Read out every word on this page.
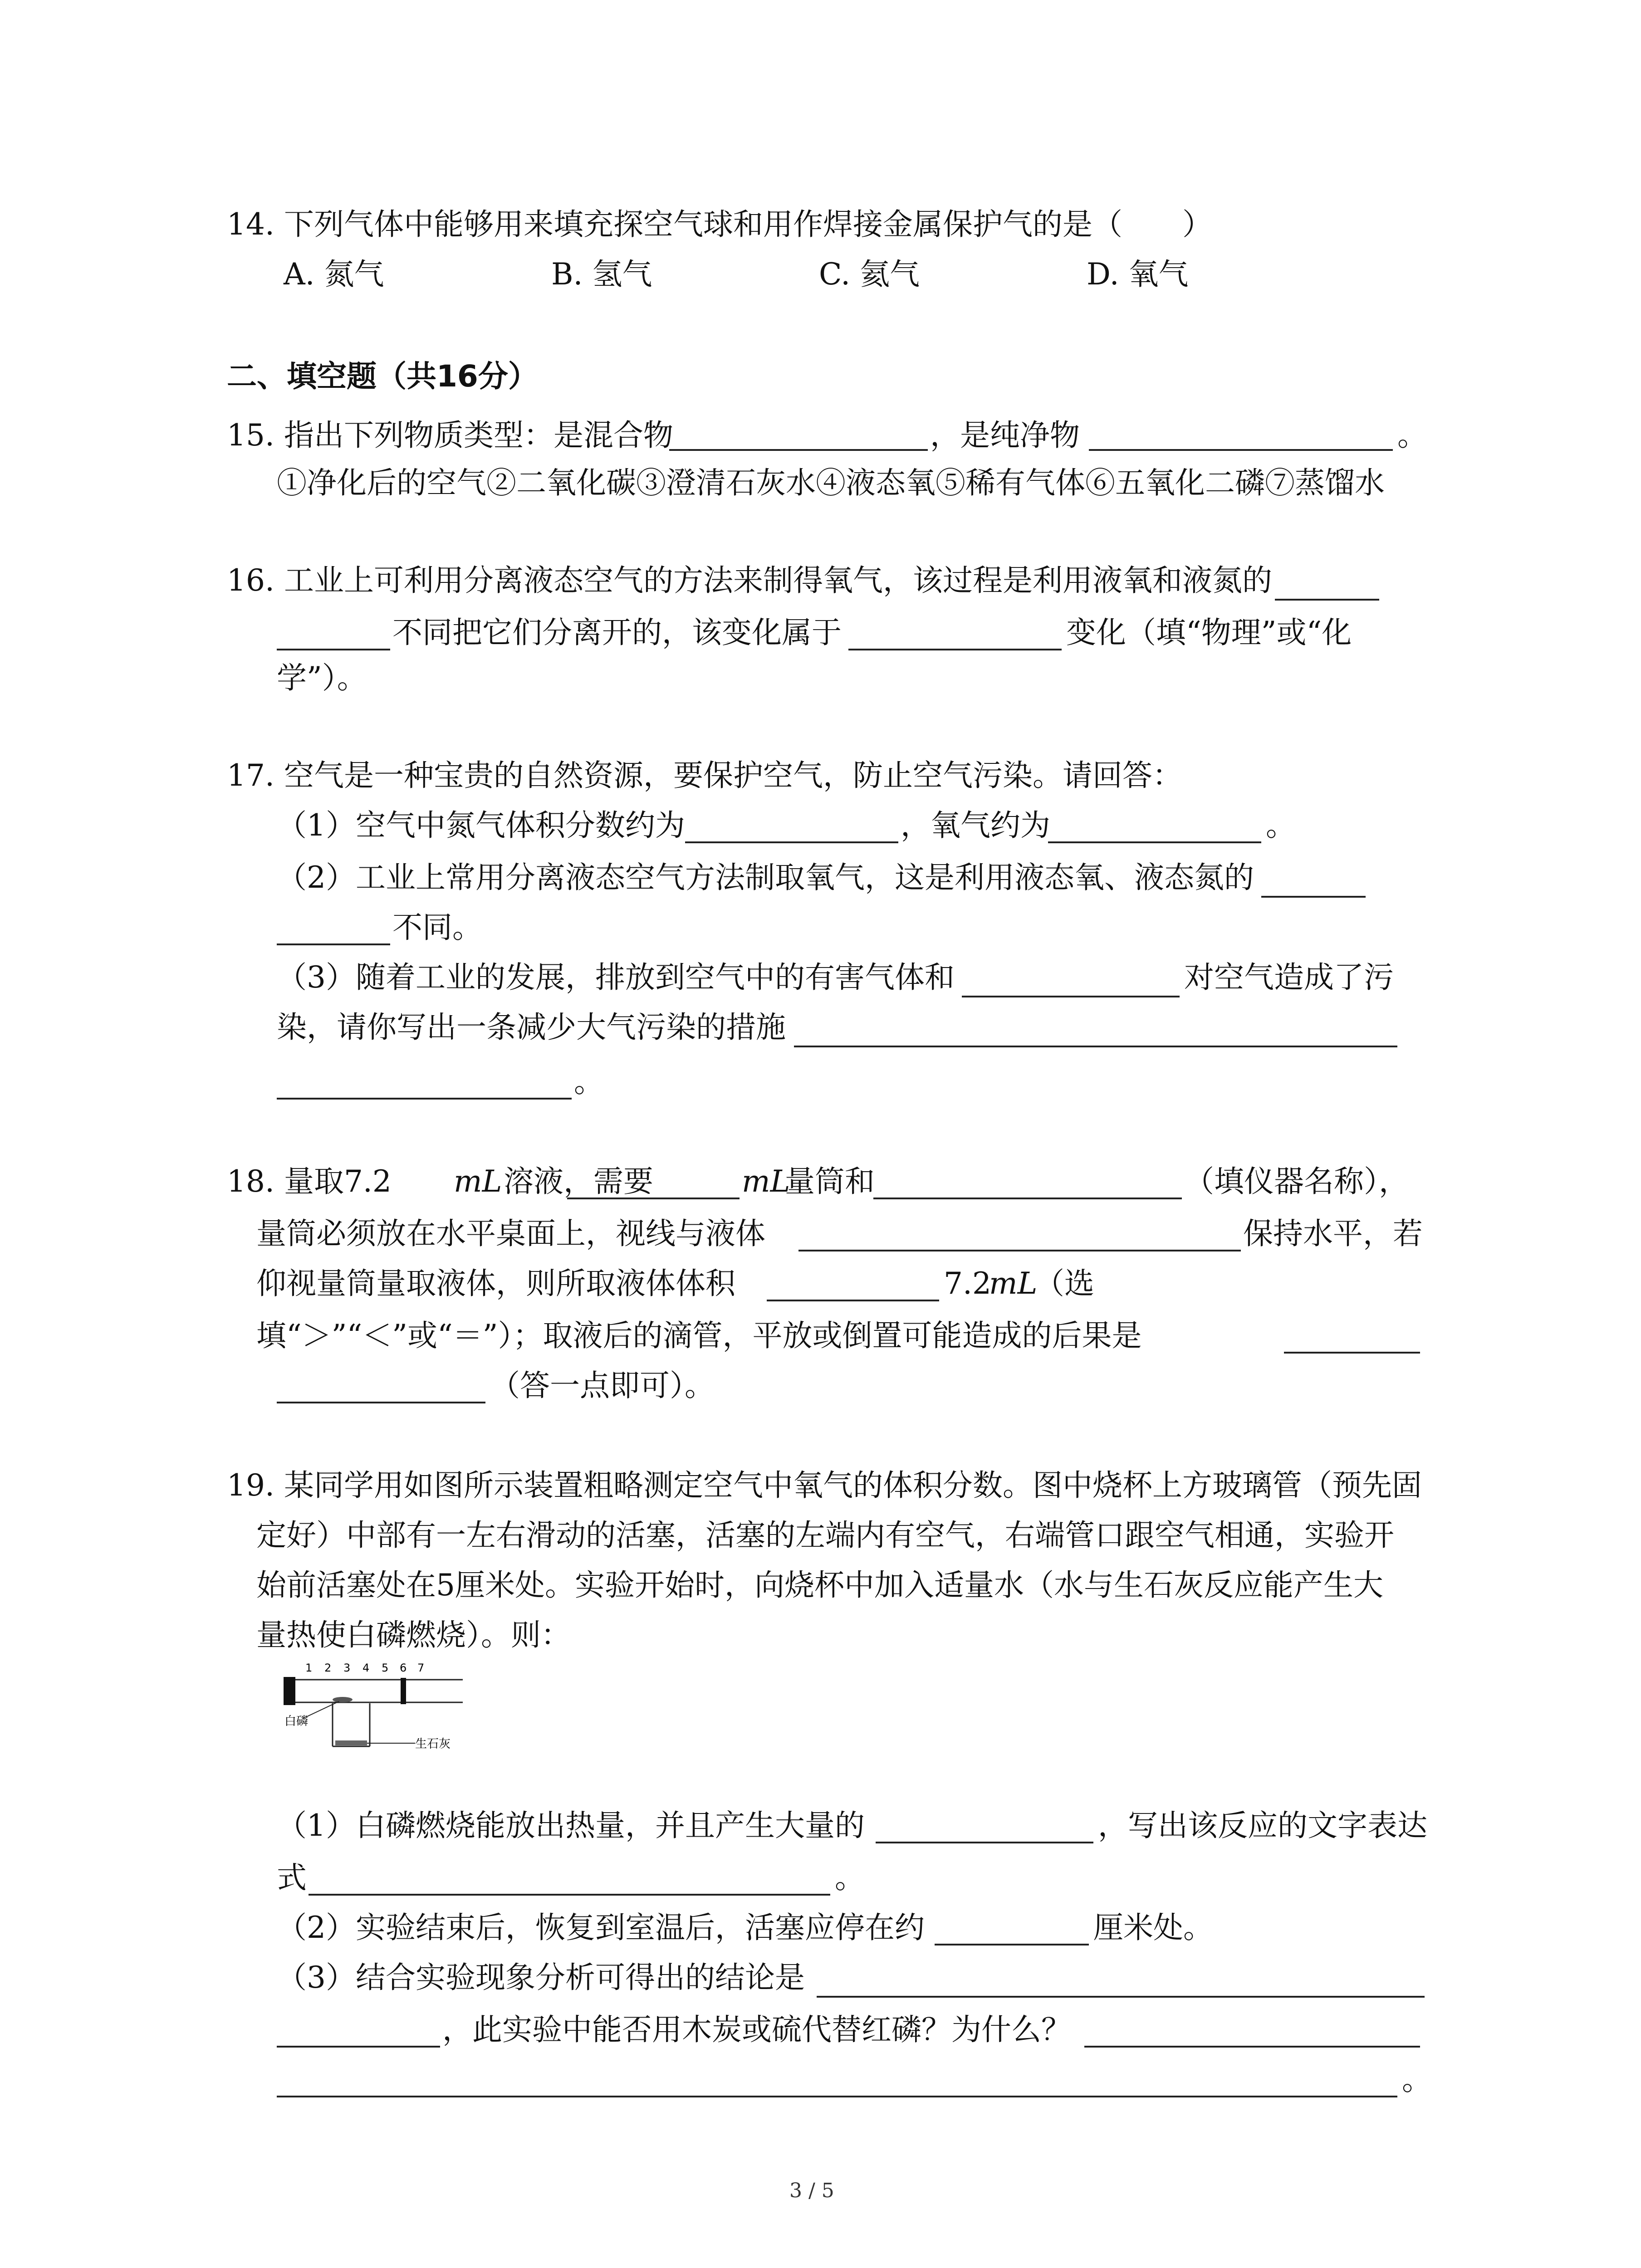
14. 下列气体中能够用来填充探空气球和用作焊接金属保护气的是（　　）
A. 氮气	B. 氢气	C. 氦气	D. 氧气
二、填空题（共16分）
15. 指出下列物质类型：是混合物	，是纯净物	。
①净化后的空气②二氧化碳③澄清石灰水④液态氧⑤稀有气体⑥五氧化二磷⑦蒸馏水
16. 工业上可利用分离液态空气的方法来制得氧气，该过程是利用液氧和液氮的
不同把它们分离开的，该变化属于	变化（填“物理”或“化
学”）。
17. 空气是一种宝贵的自然资源，要保护空气，防止空气污染。请回答：
（1）空气中氮气体积分数约为	，氧气约为	。
（2）工业上常用分离液态空气方法制取氧气，这是利用液态氧、液态氮的
不同。
（3）随着工业的发展，排放到空气中的有害气体和	对空气造成了污
染，请你写出一条减少大气污染的措施
。
18. 量取7.2 mL 溶液，需要	mL
量筒和	（填仪器名称），
量筒必须放在水平桌面上，视线与液体	保持水平，若
仰视量筒量取液体，则所取液体体积	7.2
mL
（选
填“＞”“＜”或“＝”）；取液后的滴管，平放或倒置可能造成的后果是
（答一点即可）。
19. 某同学用如图所示装置粗略测定空气中氧气的体积分数。图中烧杯上方玻璃管（预先固
定好）中部有一左右滑动的活塞，活塞的左端内有空气，右端管口跟空气相通，实验开
始前活塞处在5厘米处。实验开始时，向烧杯中加入适量水（水与生石灰反应能产生大
量热使白磷燃烧）。则：
1 2 3 4 5 6 7
白磷
生石灰
（1）白磷燃烧能放出热量，并且产生大量的	，写出该反应的文字表达
式	。
（2）实验结束后，恢复到室温后，活塞应停在约	厘米处。
（3）结合实验现象分析可得出的结论是
，此实验中能否用木炭或硫代替红磷？为什么？
。
3 / 5
